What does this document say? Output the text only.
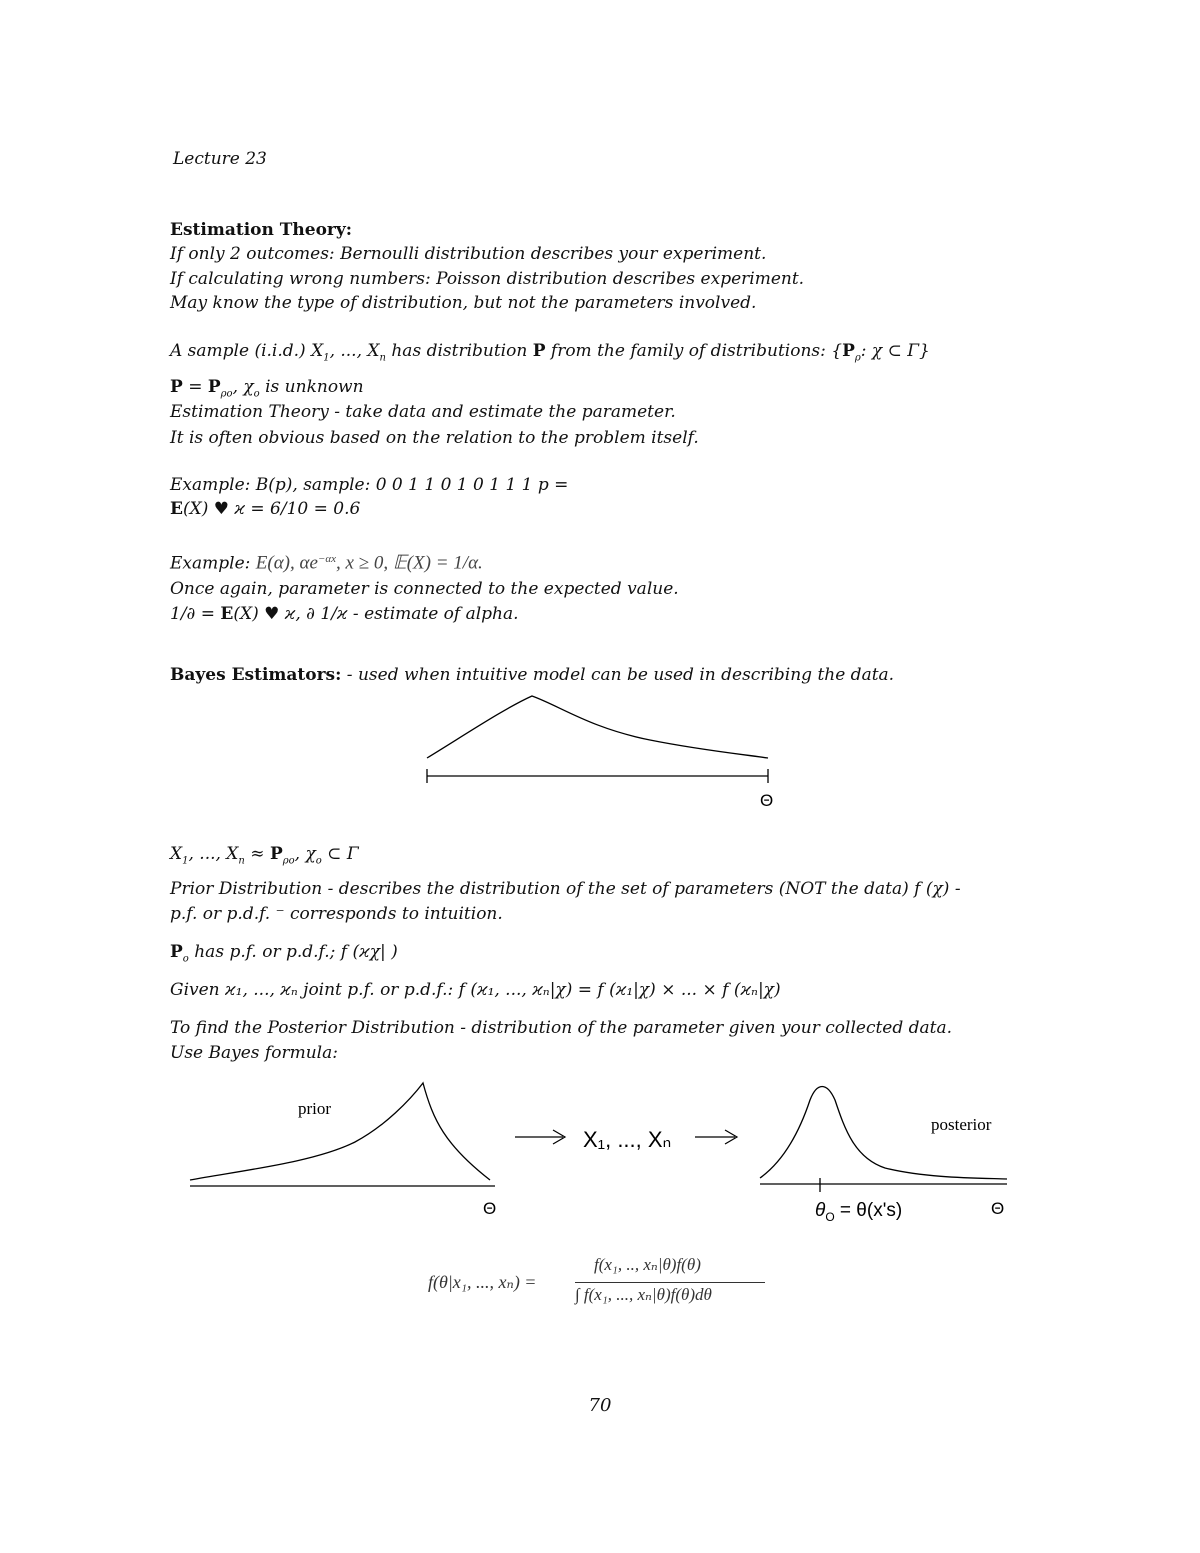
Lecture 23
Estimation Theory:
If only 2 outcomes: Bernoulli distribution describes your experiment.
If calculating wrong numbers: Poisson distribution describes experiment.
May know the type of distribution, but not the parameters involved.
A sample (i.i.d.) $X_1$, ..., $X_n$ has distribution P from the family of distributions: {$P_\rho$: χ ⊂ Γ}
$P = P_{\rho o}$, $\chi_o$ is unknown
Estimation Theory - take data and estimate the parameter.
It is often obvious based on the relation to the problem itself.
Example: B(p), sample: 0 0 1 1 0 1 0 1 1 1 p =
E(X) ♥ ϰ = 6/10 = 0.6
Example: E(α), $\alpha e^{-\alpha x}$, x ≥ 0, 𝔼(X) = 1/α.
Once again, parameter is connected to the expected value.
1/∂ = E(X) ♥ ϰ, ∂ 1/ϰ - estimate of alpha.
Bayes Estimators: - used when intuitive model can be used in describing the data.
Θ
$X_1$, ..., $X_n \approx P_{\rho o}$, $\chi_o$ ⊂ Γ
Prior Distribution - describes the distribution of the set of parameters (NOT the data) f (χ) -
p.f. or p.d.f. ⁻ corresponds to intuition.
$P_o$ has p.f. or p.d.f.; f (ϰχ| )
Given ϰ₁, ..., ϰₙ joint p.f. or p.d.f.: f (ϰ₁, ..., ϰₙ|χ) = f (ϰ₁|χ) × ... × f (ϰₙ|χ)
To find the Posterior Distribution - distribution of the parameter given your collected data.
Use Bayes formula:
prior
Θ
X₁, ..., Xₙ
posterior
$\theta_O = \theta(x's)$	Θ
f(θ|x₁, ..., xₙ) =
f(x₁, .., xₙ|θ)f(θ)
∫ f(x₁, ..., xₙ|θ)f(θ)dθ
70
